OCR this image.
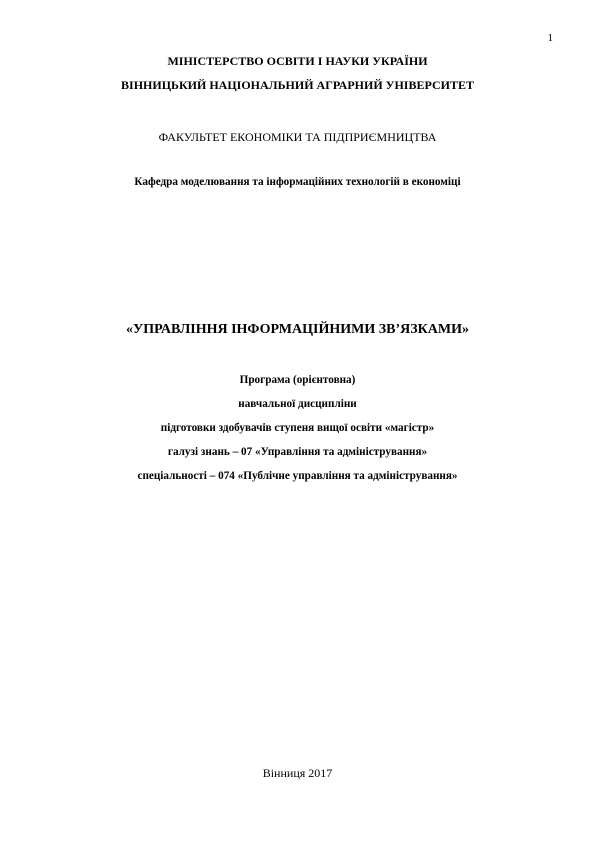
1
МІНІСТЕРСТВО ОСВІТИ І НАУКИ УКРАЇНИ
ВІННИЦЬКИЙ НАЦІОНАЛЬНИЙ АГРАРНИЙ УНІВЕРСИТЕТ
ФАКУЛЬТЕТ ЕКОНОМІКИ ТА ПІДПРИЄМНИЦТВА
Кафедра моделювання та інформаційних технологій в економіці
«УПРАВЛІННЯ ІНФОРМАЦІЙНИМИ ЗВ’ЯЗКАМИ»
Програма (орієнтовна)
навчальної дисципліни
підготовки здобувачів ступеня вищої освіти «магістр»
галузі знань – 07 «Управління та адміністрування»
спеціальності – 074 «Публічне управління та адміністрування»
Вінниця 2017
